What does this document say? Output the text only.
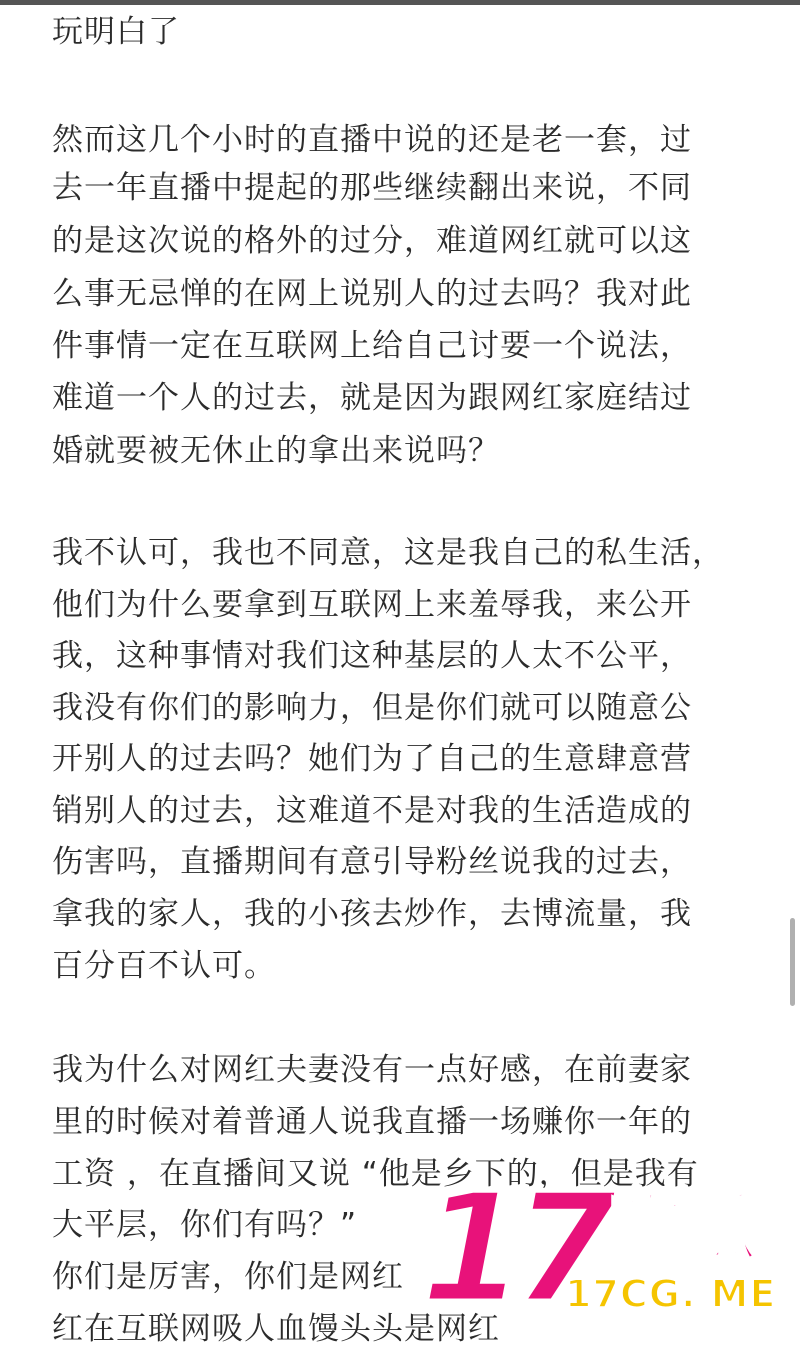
玩明白了
然而这几个小时的直播中说的还是老一套，过
去一年直播中提起的那些继续翻出来说，不同
的是这次说的格外的过分，难道网红就可以这
么事无忌惮的在网上说别人的过去吗？我对此
件事情一定在互联网上给自己讨要一个说法，
难道一个人的过去，就是因为跟网红家庭结过
婚就要被无休止的拿出来说吗？
我不认可，我也不同意，这是我自己的私生活，
他们为什么要拿到互联网上来羞辱我，来公开
我，这种事情对我们这种基层的人太不公平，
我没有你们的影响力，但是你们就可以随意公
开别人的过去吗？她们为了自己的生意肆意营
销别人的过去，这难道不是对我的生活造成的
伤害吗，直播期间有意引导粉丝说我的过去，
拿我的家人，我的小孩去炒作，去博流量，我
百分百不认可。
我为什么对网红夫妻没有一点好感，在前妻家
里的时候对着普通人说我直播一场赚你一年的
工资 ，在直播间又说 “他是乡下的，但是我有
大平层，你们有吗？”
你们是厉害，你们是网红
红在互联网吸人血馒头头是网红
17 吃瓜
17CG. ME
